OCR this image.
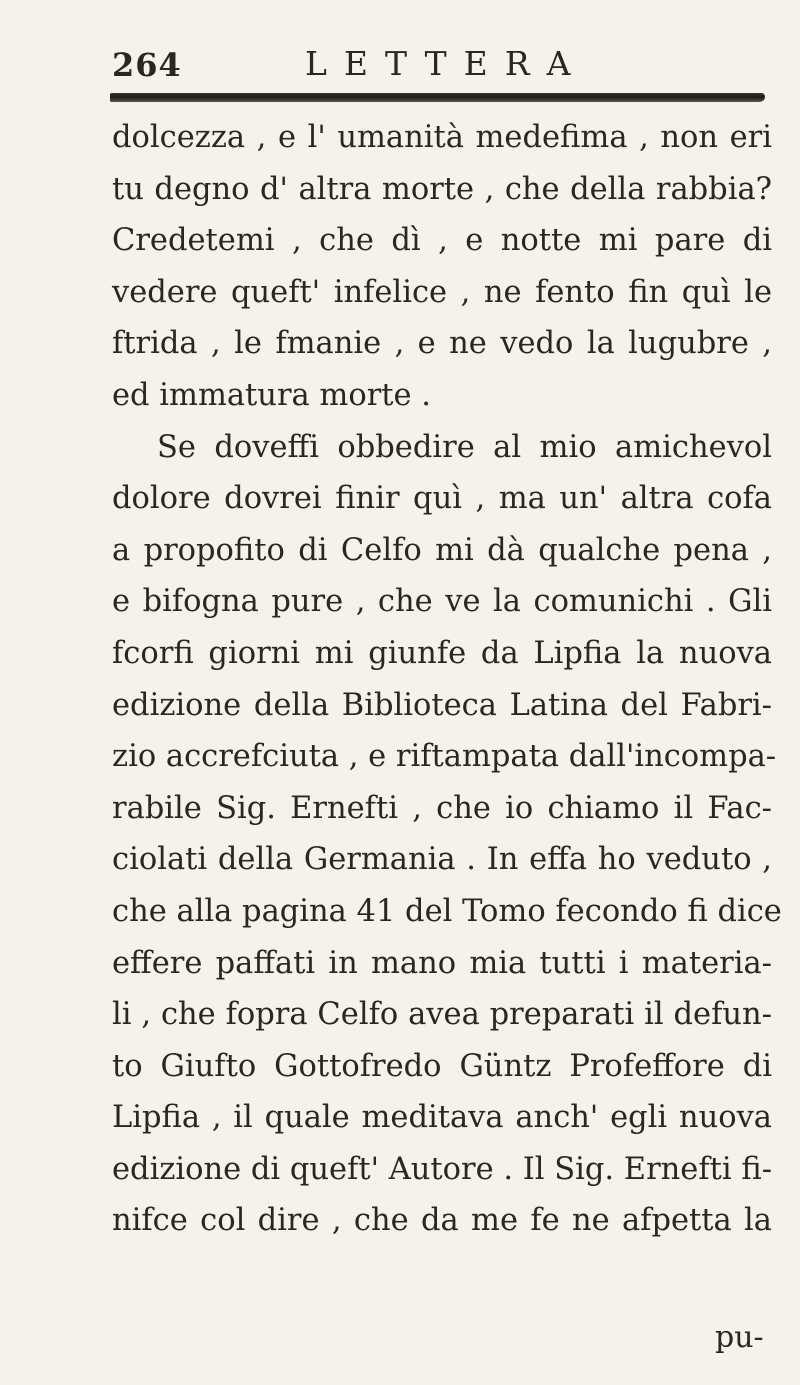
264	LETTERA
dolcezza , e l' umanità medefima , non eri
tu degno d' altra morte , che della rabbia?
Credetemi , che dì , e notte mi pare di
vedere queft' infelice , ne fento fin quì le
ftrida , le fmanie , e ne vedo la lugubre ,
ed immatura morte .
Se doveffi obbedire al mio amichevol
dolore dovrei finir quì , ma un' altra cofa
a propofito di Celfo mi dà qualche pena ,
e bifogna pure , che ve la comunichi . Gli
fcorfi giorni mi giunfe da Lipfia la nuova
edizione della Biblioteca Latina del Fabri-
zio accrefciuta , e riftampata dall'incompa-
rabile Sig. Ernefti , che io chiamo il Fac-
ciolati della Germania . In effa ho veduto ,
che alla pagina 41 del Tomo fecondo fi dice
effere paffati in mano mia tutti i materia-
li , che fopra Celfo avea preparati il defun-
to Giufto Gottofredo Güntz Profeffore di
Lipfia , il quale meditava anch' egli nuova
edizione di queft' Autore . Il Sig. Ernefti fi-
nifce col dire , che da me fe ne afpetta la
pu-
